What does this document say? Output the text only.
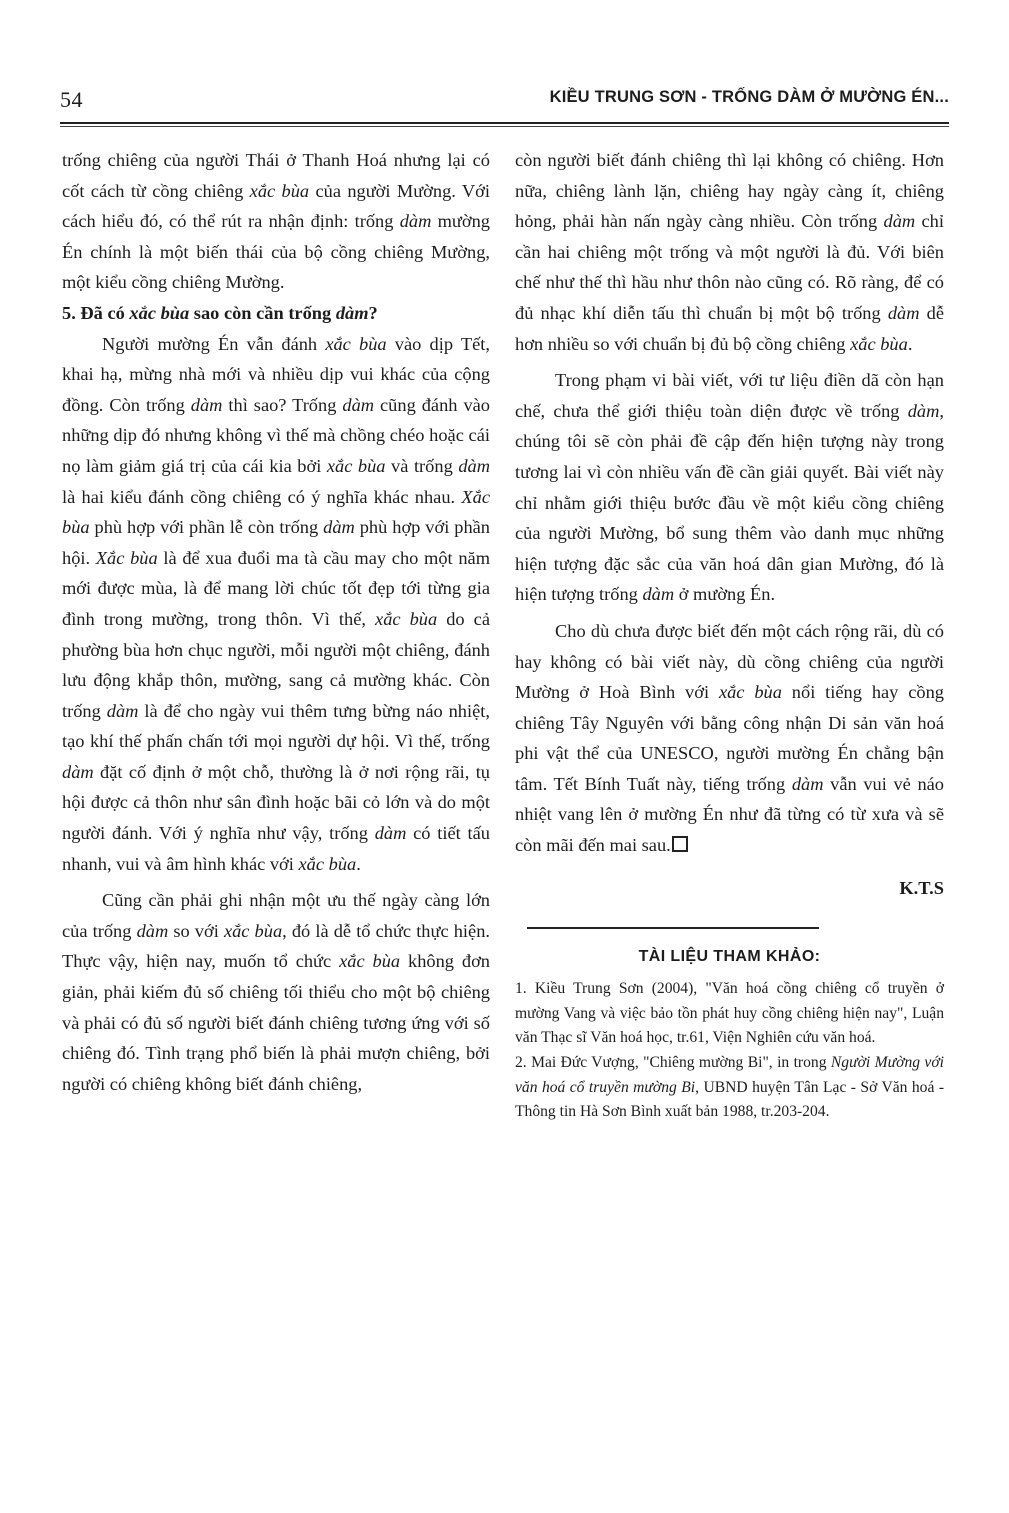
54	KIỀU TRUNG SƠN - TRỐNG DÀM Ở MƯỜNG ÉN...

trống chiêng của người Thái ở Thanh Hoá nhưng lại có cốt cách từ cồng chiêng xắc bùa của người Mường. Với cách hiểu đó, có thể rút ra nhận định: trống dàm mường Én chính là một biến thái của bộ cồng chiêng Mường, một kiểu cồng chiêng Mường.

5. Đã có xắc bùa sao còn cần trống dàm?

Người mường Én vẫn đánh xắc bùa vào dịp Tết, khai hạ, mừng nhà mới và nhiều dịp vui khác của cộng đồng. Còn trống dàm thì sao? Trống dàm cũng đánh vào những dịp đó nhưng không vì thế mà chồng chéo hoặc cái nọ làm giảm giá trị của cái kia bởi xắc bùa và trống dàm là hai kiểu đánh cồng chiêng có ý nghĩa khác nhau. Xắc bùa phù hợp với phần lễ còn trống dàm phù hợp với phần hội. Xắc bùa là để xua đuổi ma tà cầu may cho một năm mới được mùa, là để mang lời chúc tốt đẹp tới từng gia đình trong mường, trong thôn. Vì thế, xắc bùa do cả phường bùa hơn chục người, mỗi người một chiêng, đánh lưu động khắp thôn, mường, sang cả mường khác. Còn trống dàm là để cho ngày vui thêm tưng bừng náo nhiệt, tạo khí thế phấn chấn tới mọi người dự hội. Vì thế, trống dàm đặt cố định ở một chỗ, thường là ở nơi rộng rãi, tụ hội được cả thôn như sân đình hoặc bãi cỏ lớn và do một người đánh. Với ý nghĩa như vậy, trống dàm có tiết tấu nhanh, vui và âm hình khác với xắc bùa.

Cũng cần phải ghi nhận một ưu thế ngày càng lớn của trống dàm so với xắc bùa, đó là dễ tổ chức thực hiện. Thực vậy, hiện nay, muốn tổ chức xắc bùa không đơn giản, phải kiếm đủ số chiêng tối thiểu cho một bộ chiêng và phải có đủ số người biết đánh chiêng tương ứng với số chiêng đó. Tình trạng phổ biến là phải mượn chiêng, bởi người có chiêng không biết đánh chiêng,

còn người biết đánh chiêng thì lại không có chiêng. Hơn nữa, chiêng lành lặn, chiêng hay ngày càng ít, chiêng hỏng, phải hàn nấn ngày càng nhiều. Còn trống dàm chỉ cần hai chiêng một trống và một người là đủ. Với biên chế như thế thì hầu như thôn nào cũng có. Rõ ràng, để có đủ nhạc khí diễn tấu thì chuẩn bị một bộ trống dàm dễ hơn nhiều so với chuẩn bị đủ bộ cồng chiêng xắc bùa.

Trong phạm vi bài viết, với tư liệu điền dã còn hạn chế, chưa thể giới thiệu toàn diện được về trống dàm, chúng tôi sẽ còn phải đề cập đến hiện tượng này trong tương lai vì còn nhiều vấn đề cần giải quyết. Bài viết này chỉ nhằm giới thiệu bước đầu về một kiểu cồng chiêng của người Mường, bổ sung thêm vào danh mục những hiện tượng đặc sắc của văn hoá dân gian Mường, đó là hiện tượng trống dàm ở mường Én.

Cho dù chưa được biết đến một cách rộng rãi, dù có hay không có bài viết này, dù cồng chiêng của người Mường ở Hoà Bình với xắc bùa nổi tiếng hay cồng chiêng Tây Nguyên với bằng công nhận Di sản văn hoá phi vật thể của UNESCO, người mường Én chẳng bận tâm. Tết Bính Tuất này, tiếng trống dàm vẫn vui vẻ náo nhiệt vang lên ở mường Én như đã từng có từ xưa và sẽ còn mãi đến mai sau.

K.T.S
TÀI LIỆU THAM KHẢO:

1. Kiều Trung Sơn (2004), "Văn hoá cồng chiêng cổ truyền ở mường Vang và việc bảo tồn phát huy cồng chiêng hiện nay", Luận văn Thạc sĩ Văn hoá học, tr.61, Viện Nghiên cứu văn hoá.

2. Mai Đức Vượng, "Chiêng mường Bi", in trong Người Mường với văn hoá cổ truyền mường Bi, UBND huyện Tân Lạc - Sở Văn hoá - Thông tin Hà Sơn Bình xuất bản 1988, tr.203-204.
